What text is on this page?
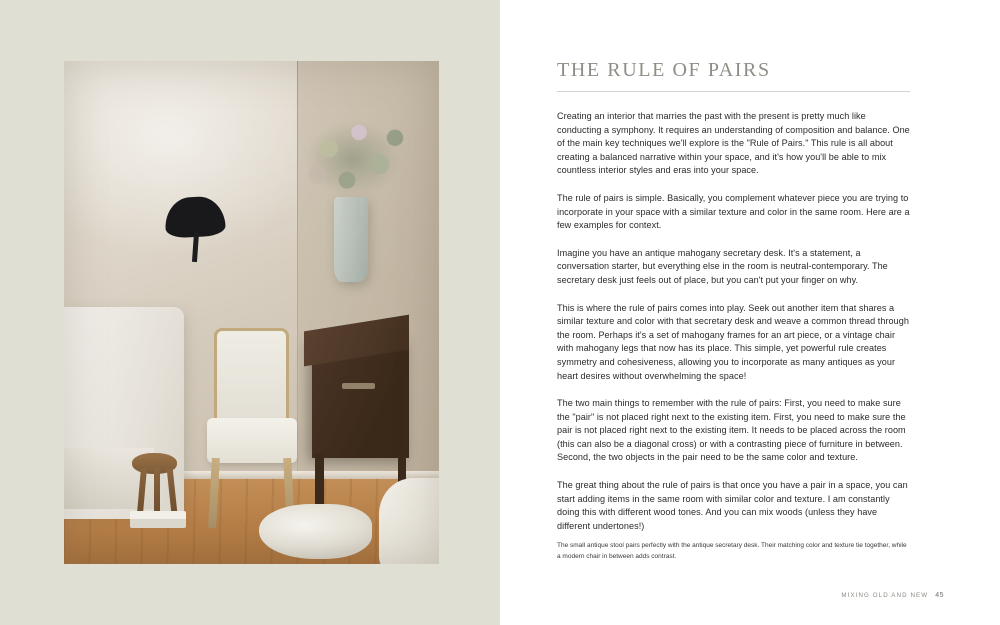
THE RULE OF PAIRS

Creating an interior that marries the past with the present is pretty much like conducting a symphony. It requires an understanding of composition and balance. One of the main key techniques we'll explore is the "Rule of Pairs." This rule is all about creating a balanced narrative within your space, and it's how you'll be able to mix countless interior styles and eras into your space.

The rule of pairs is simple. Basically, you complement whatever piece you are trying to incorporate in your space with a similar texture and color in the same room. Here are a few examples for context.

Imagine you have an antique mahogany secretary desk. It's a statement, a conversation starter, but everything else in the room is neutral-contemporary. The secretary desk just feels out of place, but you can't put your finger on why.

This is where the rule of pairs comes into play. Seek out another item that shares a similar texture and color with that secretary desk and weave a common thread through the room. Perhaps it's a set of mahogany frames for an art piece, or a vintage chair with mahogany legs that now has its place. This simple, yet powerful rule creates symmetry and cohesiveness, allowing you to incorporate as many antiques as your heart desires without overwhelming the space!

The two main things to remember with the rule of pairs: First, you need to make sure the "pair" is not placed right next to the existing item. First, you need to make sure the pair is not placed right next to the existing item. It needs to be placed across the room (this can also be a diagonal cross) or with a contrasting piece of furniture in between. Second, the two objects in the pair need to be the same color and texture.

The great thing about the rule of pairs is that once you have a pair in a space, you can start adding items in the same room with similar color and texture. I am constantly doing this with different wood tones. And you can mix woods (unless they have different undertones!)

The small antique stool pairs perfectly with the antique secretary desk. Their matching color and texture tie together, while a modern chair in between adds contrast.
MIXING OLD AND NEW 45
